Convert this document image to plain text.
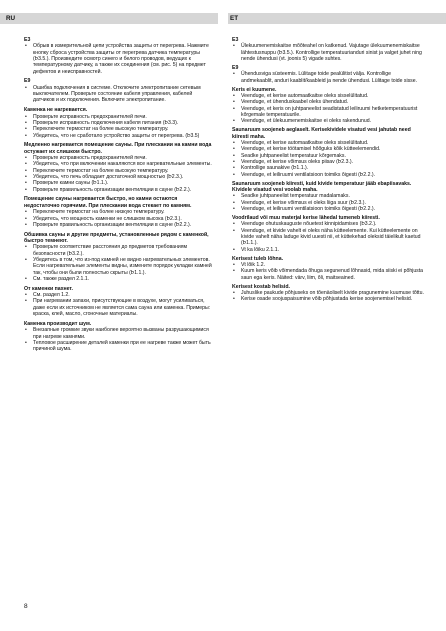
RU	ET
E3
• Обрыв в измерительной цепи устройства защиты от перегрева. Нажмите кнопку сброса устройства защиты от перегрева датчика температуры (Þ3.5.). Произведите осмотр синего и белого проводов, ведущих к температурному датчику, а также их соединения (см. рис. 5) на предмет дефектов и неисправностей.
E9
• Ошибка подключения в системе. Отключите электропитание сетевым выключателем. Проверьте состояние кабеля управления, кабелей датчиков и их подключения. Включите электропитание.
Каменка не нагревается.
• Проверьте исправность предохранителей печи.
• Проверьте исправность подключения кабеля питания (Þ3.3).
• Переключите термостат на более высокую температуру.
• Убедитесь, что не сработало устройство защиты от перегрева. (Þ3.5)
Медленно нагревается помещение сауны. При плескании на камни вода остужает их слишком быстро.
• Проверьте исправность предохранителей печи.
• Убедитесь, что при включении накаляются все нагревательные элементы.
• Переключите термостат на более высокую температуру.
• Убедитесь, что печь обладает достаточной мощностью (Þ2.3.).
• Проверьте камни сауны (Þ1.1.).
• Проверьте правильность организации вентиляции в сауне (Þ2.2.).
Помещение сауны нагревается быстро, но камни остаются недостаточно горячими. При плескании вода стекает по камням.
• Переключите термостат на более низкую температуру.
• Убедитесь, что мощность каменки не слишком высока (Þ2.3.).
• Проверьте правильность организации вентиляции в сауне (Þ2.2.).
Обшивка сауны и другие предметы, установленные рядом с каменкой, быстро темнеют.
• Проверьте соответствие расстояния до предметов требованиям безопасности (Þ3.2.).
• Убедитесь в том, что из-под камней не видно нагревательных элементов. Если нагревательные элементы видны, измените порядок укладки камней так, чтобы они были полностью скрыты (Þ1.1.).
• См. также раздел 2.1.1.
От каменки пахнет.
• См. раздел 1.2.
• При нагревании запахи, присутствующие в воздухе, могут усиливаться, даже если их источником не является сама сауна или каменка. Примеры: краска, клей, масло, сгоночные материалы.
Каменка производит шум.
• Внезапные громкие звуки наиболее вероятно вызваны разрушающимися при нагреве камнями.
• Тепловое расширение деталей каменки при ее нагреве также может быть причиной шума.
E3
• Ülekuumenemiskaitse mõõteahel on katkenud. Vajutage ülekuumenemiskaitse lähtestusnuppu (Þ3.5.). Kontrollige temperatuurianduri sinist ja valget juhet ning nende ühendusi (vt. joonis 5) vigade suhtes.
E9
• Ühendusviga süsteemis. Lülitage toide pealülitist välja. Kontrollige andmekaablit, anduri kaablit/kaableid ja nende ühendusi. Lülitage toide sisse.
Keris ei kuumene.
• Veenduge, et kerise automaatkaitse oleks sisselülitatud.
• Veenduge, et ühenduskaabel oleks ühendatud.
• Veenduge, et keris on juhtpaneelist seadistatud leiliruumi hetketemperatuurist kõrgemale temperatuurile.
• Veenduge, et ülekuumenemiskaitse ei oleks rakendunud.
Saunaruum soojeneb aeglaselt. Kerisekividele visatud vesi jahutab need kiiresti maha.
• Veenduge, et kerise automaatkaitse oleks sisselülitatud.
• Veenduge, et kerise töötamisel hõõguks kõik kütteelemendid.
• Seadke juhtpaneelist temperatuur kõrgemaks.
• Veenduge, et kerise võimsus oleks piisav (Þ2.3.).
• Kontrollige saunakive (Þ1.1.).
• Veenduge, et leiliruumi ventilatsioon toimiks õigesti (Þ2.2.).
Saunaruum soojeneb kiiresti, kuid kivide temperatuur jääb ebapiisavaks. Kividele visatud vesi voolab maha.
• Seadke juhtpaneelist temperatuur madalamaks.
• Veenduge, et kerise võimsus ei oleks liiga suur (Þ2.3.).
• Veenduge, et leiliruumi ventilatsioon toimiks õigesti (Þ2.2.).
Voodrilaud või muu materjal kerise lähedal tumeneb kiiresti.
• Veenduge ohutuskauguste nõuetest kinnipidamises (Þ3.2.).
• Veenduge, et kivide vahelt ei oleks näha kütteelemente. Kui kütteelemente on kivide vahelt näha laduge kivid uuesti nii, et küttekehad oleksid täielikult kaetud (Þ1.1.).
• Vt ka lõiku 2.1.1.
Kerisest tuleb lõhna.
• Vt lõik 1.2.
• Kuum keris võib võimendada õhuga segunenud lõhnasid, mida siiski ei põhjusta saun ega keris. Näited: värv, liim, õli, maitseained.
Kerisest kostab helisid.
• Juhuslike paukude põhjuseks on tõenäoliselt kivide pragunemine kuumuse tõttu.
• Kerise osade soojuspaisumine võib põhjustada kerise soojenemisel helisid.
8
